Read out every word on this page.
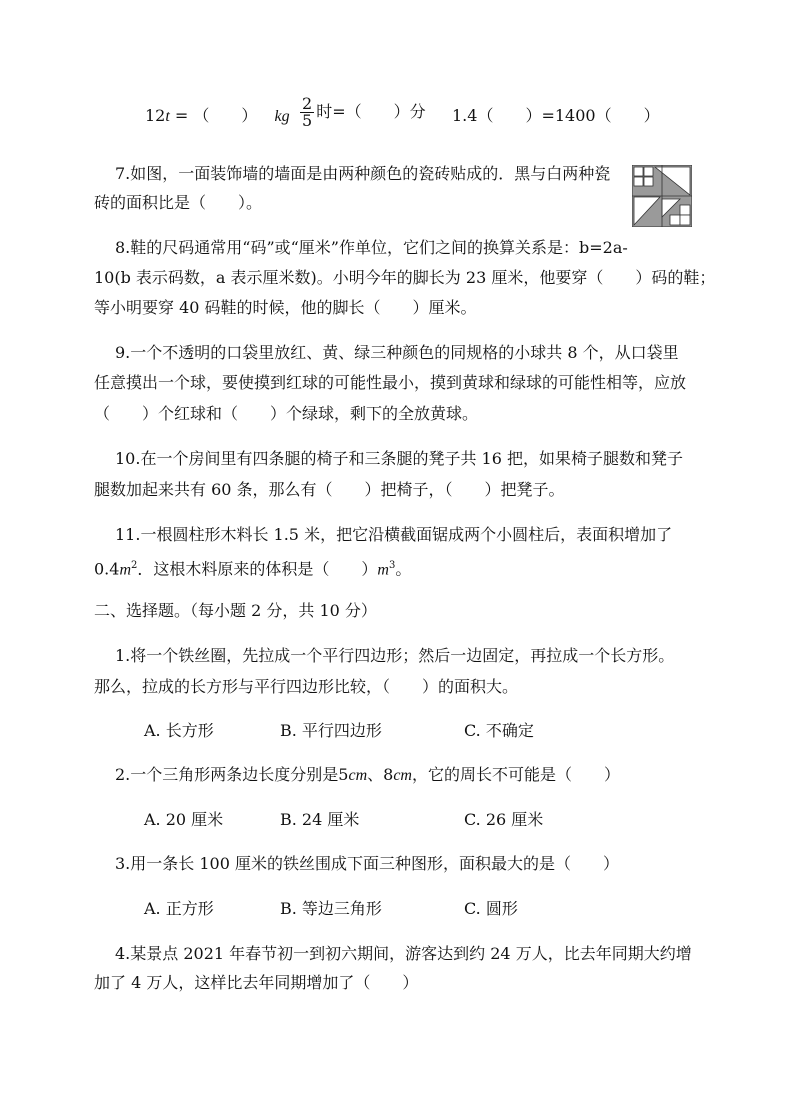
12t = （　　） kg $\frac{2}{5}$ 时=（　　）分 1.4（　　）=1400（　　）
7.如图，一面装饰墙的墙面是由两种颜色的瓷砖贴成的．黑与白两种瓷
砖的面积比是（　　）。
8.鞋的尺码通常用“码”或“厘米”作单位，它们之间的换算关系是：b=2a-
10(b 表示码数，a 表示厘米数)。小明今年的脚长为 23 厘米，他要穿（　　）码的鞋；
等小明要穿 40 码鞋的时候，他的脚长（　　）厘米。
9.一个不透明的口袋里放红、黄、绿三种颜色的同规格的小球共 8 个，从口袋里
任意摸出一个球，要使摸到红球的可能性最小，摸到黄球和绿球的可能性相等，应放
（　　）个红球和（　　）个绿球，剩下的全放黄球。
10.在一个房间里有四条腿的椅子和三条腿的凳子共 16 把，如果椅子腿数和凳子
腿数加起来共有 60 条，那么有（　　）把椅子，（　　）把凳子。
11.一根圆柱形木料长 1.5 米，把它沿横截面锯成两个小圆柱后，表面积增加了
$0.4m^2$．这根木料原来的体积是（　　）$m^3$。
二、选择题。（每小题 2 分，共 10 分）
1.将一个铁丝圈，先拉成一个平行四边形；然后一边固定，再拉成一个长方形。
那么，拉成的长方形与平行四边形比较，（　　）的面积大。
A. 长方形	B. 平行四边形	C. 不确定
2.一个三角形两条边长度分别是5cm、8cm，它的周长不可能是（　　）
A. 20 厘米	B. 24 厘米	C. 26 厘米
3.用一条长 100 厘米的铁丝围成下面三种图形，面积最大的是（　　）
A. 正方形	B. 等边三角形	C. 圆形
4.某景点 2021 年春节初一到初六期间，游客达到约 24 万人，比去年同期大约增
加了 4 万人，这样比去年同期增加了（　　）
